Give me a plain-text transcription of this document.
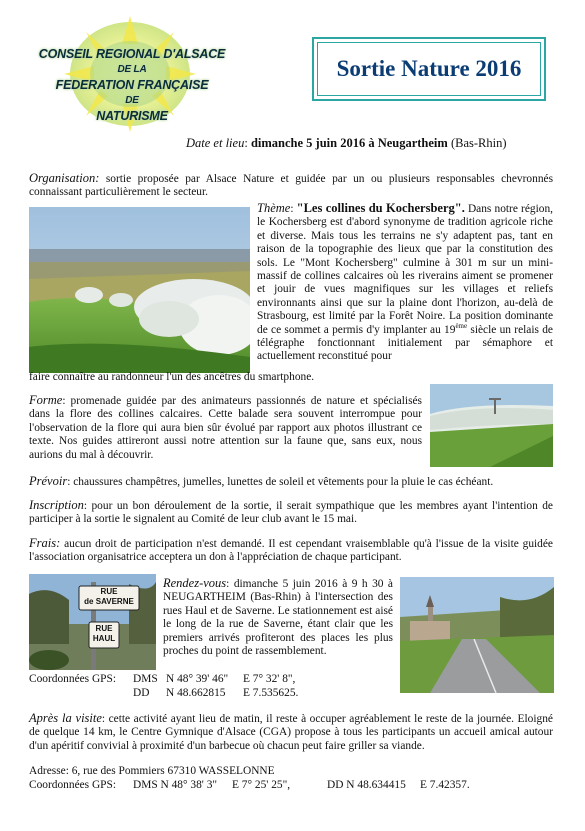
CONSEIL REGIONAL D'ALSACE
DE LA
FEDERATION FRANÇAISE
DE
NATURISME
Sortie Nature 2016
Date et lieu: dimanche 5 juin 2016 à Neugartheim (Bas-Rhin)
Organisation: sortie proposée par Alsace Nature et guidée par un ou plusieurs responsables chevronnés connaissant particulièrement le secteur.
Thème: "Les collines du Kochersberg". Dans notre région, le Kochersberg est d'abord synonyme de tradition agricole riche et diverse. Mais tous les terrains ne s'y adaptent pas, tant en raison de la topographie des lieux que par la constitution des sols. Le "Mont Kochersberg" culmine à 301 m sur un mini-massif de collines calcaires où les riverains aiment se promener et jouir de vues magnifiques sur les villages et reliefs environnants ainsi que sur la plaine dont l'horizon, au-delà de Strasbourg, est limité par la Forêt Noire. La position dominante de ce sommet a permis d'y implanter au 19ème siècle un relais de télégraphe fonctionnant initialement par sémaphore et actuellement reconstitué pour
faire connaître au randonneur l'un des ancêtres du smartphone.
Forme: promenade guidée par des animateurs passionnés de nature et spécialisés dans la flore des collines calcaires. Cette balade sera souvent interrompue pour l'observation de la flore qui aura bien sûr évolué par rapport aux photos illustrant ce texte. Nos guides attireront aussi notre attention sur la faune que, sans eux, nous aurions du mal à découvrir.
Prévoir: chaussures champêtres, jumelles, lunettes de soleil et vêtements pour la pluie le cas échéant.
Inscription: pour un bon déroulement de la sortie, il serait sympathique que les membres ayant l'intention de participer à la sortie le signalent au Comité de leur club avant le 15 mai.
Frais: aucun droit de participation n'est demandé. Il est cependant vraisemblable qu'à l'issue de la visite guidée l'association organisatrice acceptera un don à l'appréciation de chaque participant.
RUE
de SAVERNE
RUE
HAUL
Rendez-vous: dimanche 5 juin 2016 à 9 h 30 à NEUGARTHEIM (Bas-Rhin) à l'intersection des rues Haul et de Saverne. Le stationnement est aisé le long de la rue de Saverne, étant clair que les premiers arrivés profiteront des places les plus proches du point de rassemblement.
Coordonnées GPS: DMS N 48° 39' 46" E 7° 32' 8",
DD N 48.662815 E 7.535625.
Après la visite: cette activité ayant lieu de matin, il reste à occuper agréablement le reste de la journée. Eloigné de quelque 14 km, le Centre Gymnique d'Alsace (CGA) propose à tous les participants un accueil amical autour d'un apéritif convivial à proximité d'un barbecue où chacun peut faire griller sa viande.
Adresse: 6, rue des Pommiers 67310 WASSELONNE
Coordonnées GPS: DMS N 48° 38' 3" E 7° 25' 25",	DD N 48.634415 E 7.42357.
